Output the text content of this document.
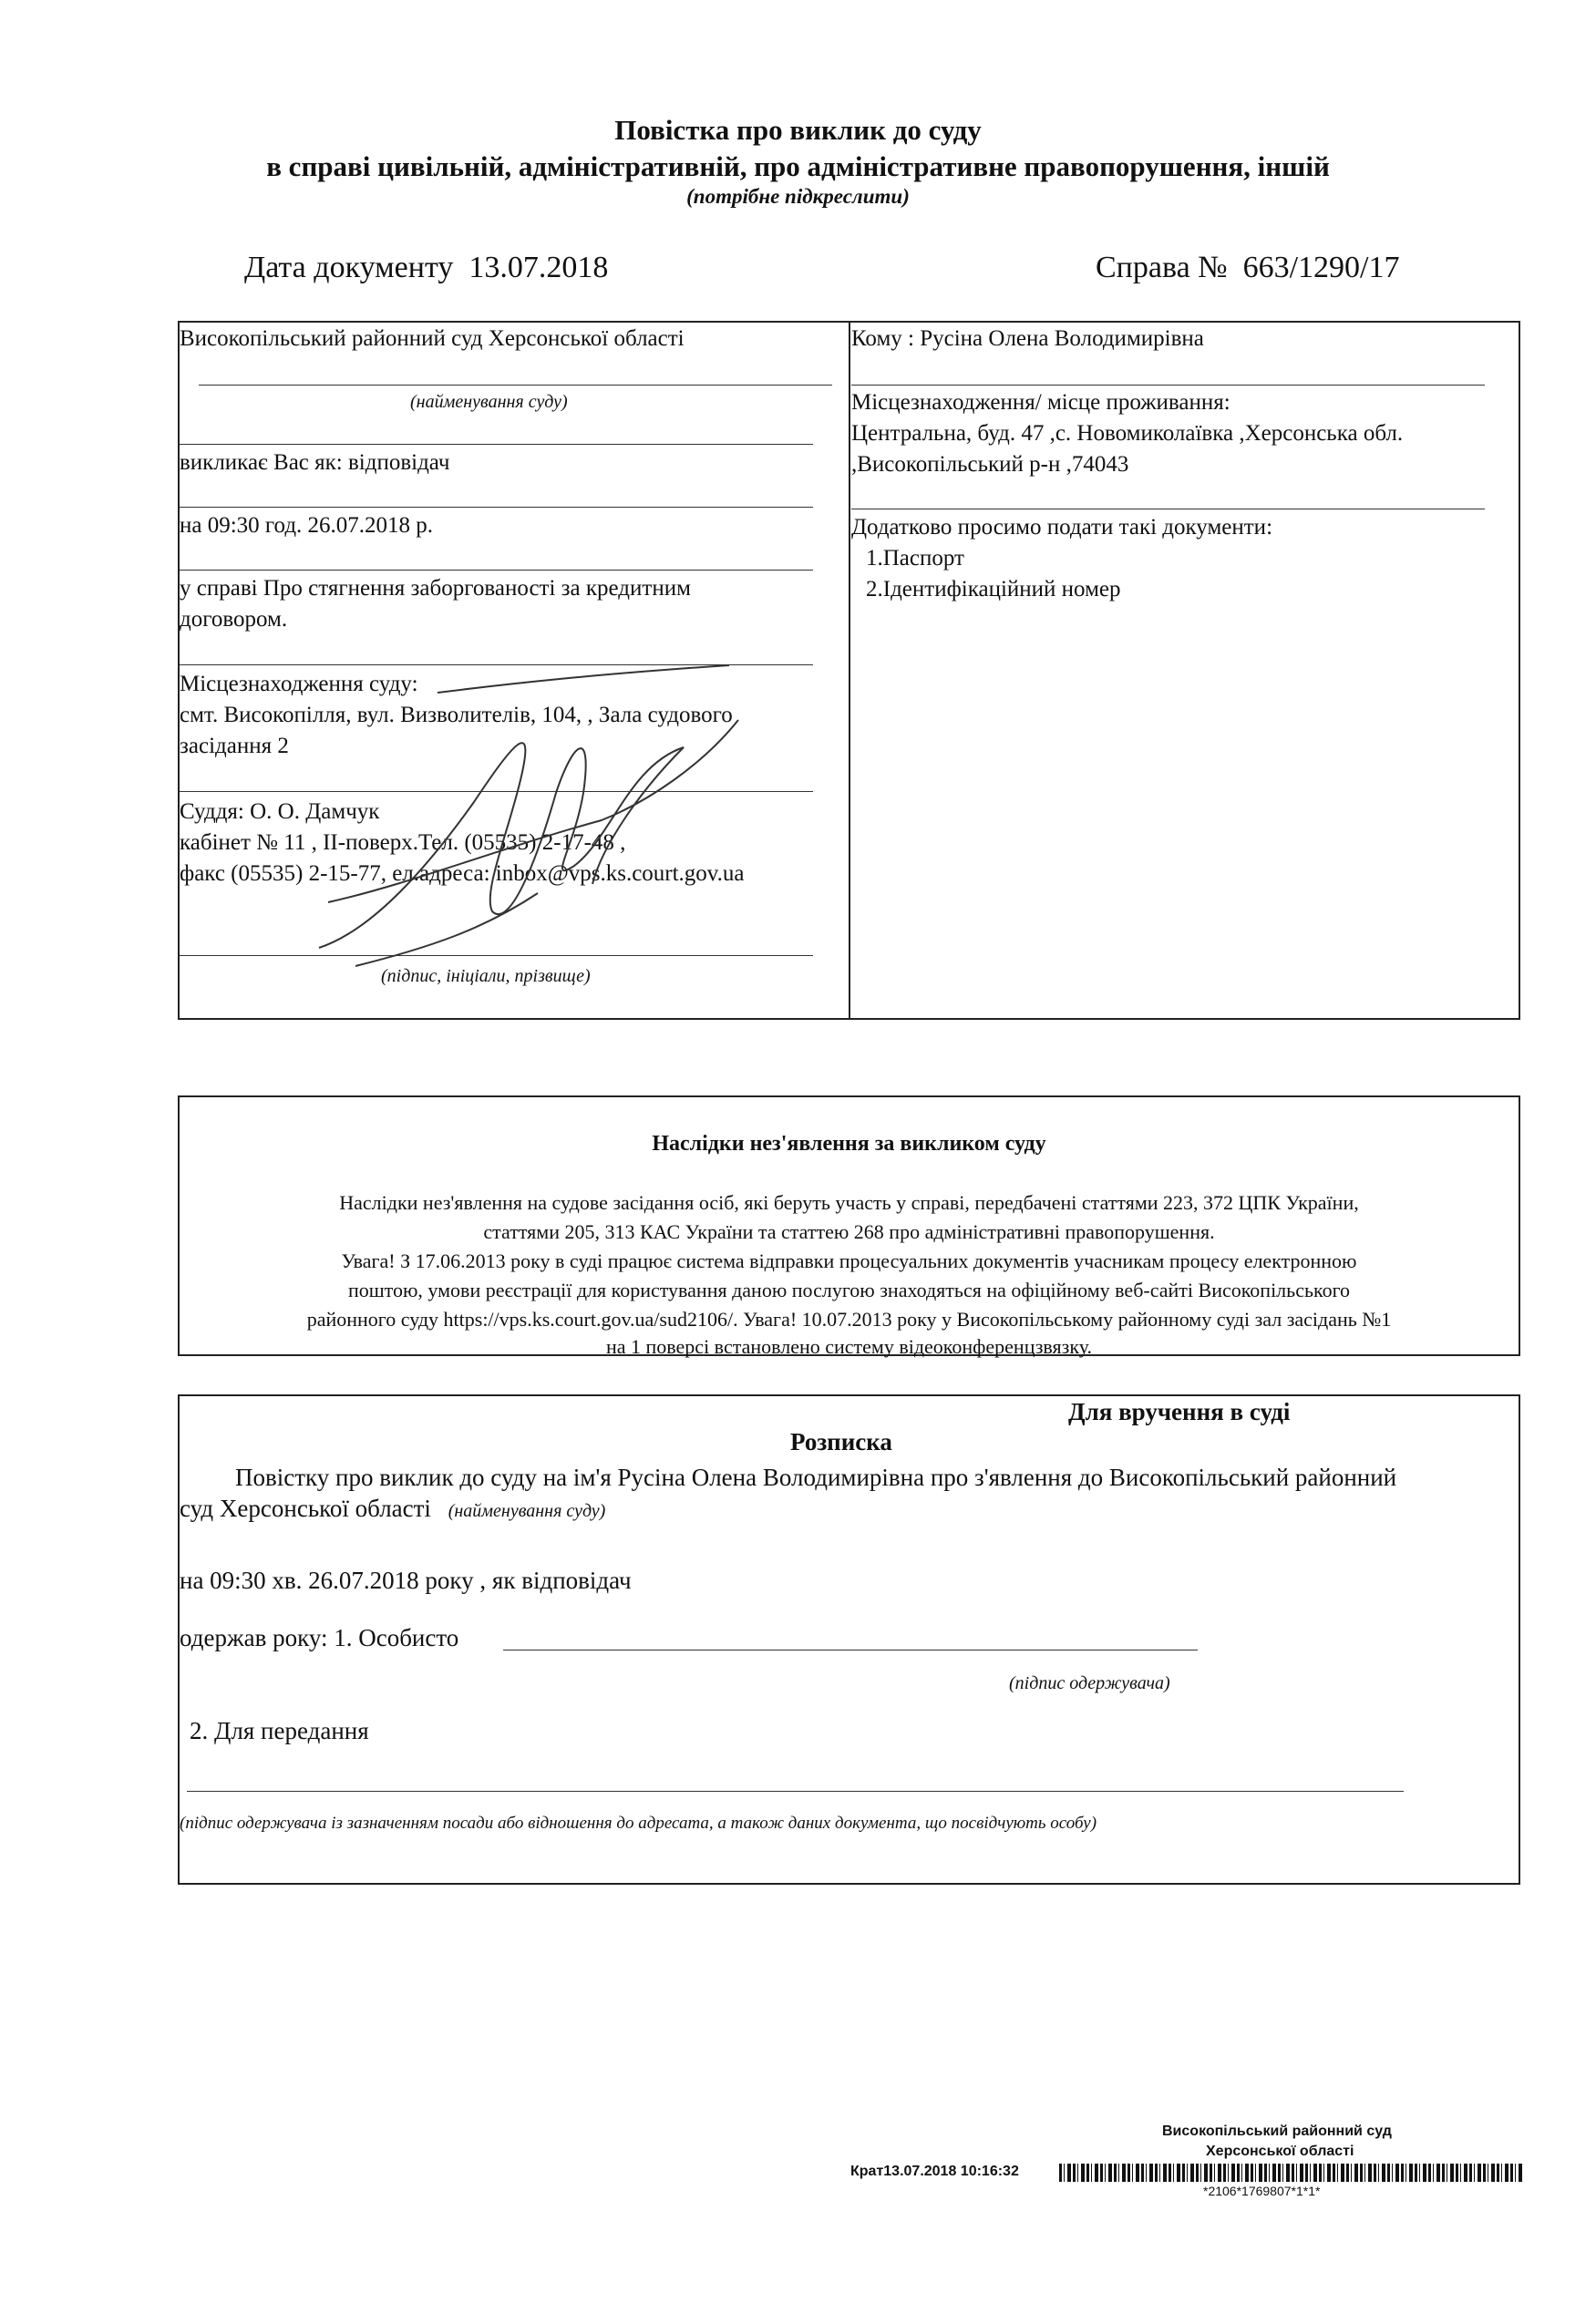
Повістка про виклик до суду
в справі цивільній, адміністративній, про адміністративне правопорушення, іншій
(потрібне підкреслити)
Дата документу 13.07.2018	Справа № 663/1290/17
Високопільський районний суд Херсонської області
(найменування суду)
викликає Вас як: відповідач
на 09:30 год. 26.07.2018 р.
у справі Про стягнення заборгованості за кредитним
договором.
Місцезнаходження суду:
смт. Високопілля, вул. Визволителів, 104, , Зала судового
засідання 2
Суддя: О. О. Дамчук
кабінет № 11 , ІІ-поверх.Тел. (05535) 2-17-48 ,
факс (05535) 2-15-77, ел.адреса: inbox@vps.ks.court.gov.ua
(підпис, ініціали, прізвище)
Кому : Русіна Олена Володимирівна
Місцезнаходження/ місце проживання:
Центральна, буд. 47 ,с. Новомиколаївка ,Херсонська обл.
,Високопільський р-н ,74043
Додатково просимо подати такі документи:
1.Паспорт
2.Ідентифікаційний номер
Наслідки нез'явлення за викликом суду
Наслідки нез'явлення на судове засідання осіб, які беруть участь у справі, передбачені статтями 223, 372 ЦПК України,
статтями 205, 313 КАС України та статтею 268 про адміністративні правопорушення.
Увага! З 17.06.2013 року в суді працює система відправки процесуальних документів учасникам процесу електронною
поштою, умови реєстрації для користування даною послугою знаходяться на офіційному веб-сайті Високопільського
районного суду https://vps.ks.court.gov.ua/sud2106/. Увага! 10.07.2013 року у Високопільському районному суді зал засідань №1
на 1 поверсі встановлено систему відеоконференцзвязку.
Для вручення в суді
Розписка
Повістку про виклик до суду на ім'я Русіна Олена Володимирівна про з'явлення до Високопільський районний
суд Херсонської області (найменування суду)
на 09:30 хв. 26.07.2018 року , як відповідач
одержав року: 1. Особисто
(підпис одержувача)
2. Для передання
(підпис одержувача із зазначенням посади або відношення до адресата, а також даних документа, що посвідчують особу)
Високопільський районний суд
Херсонської області
Крат13.07.2018 10:16:32
*2106*1769807*1*1*
